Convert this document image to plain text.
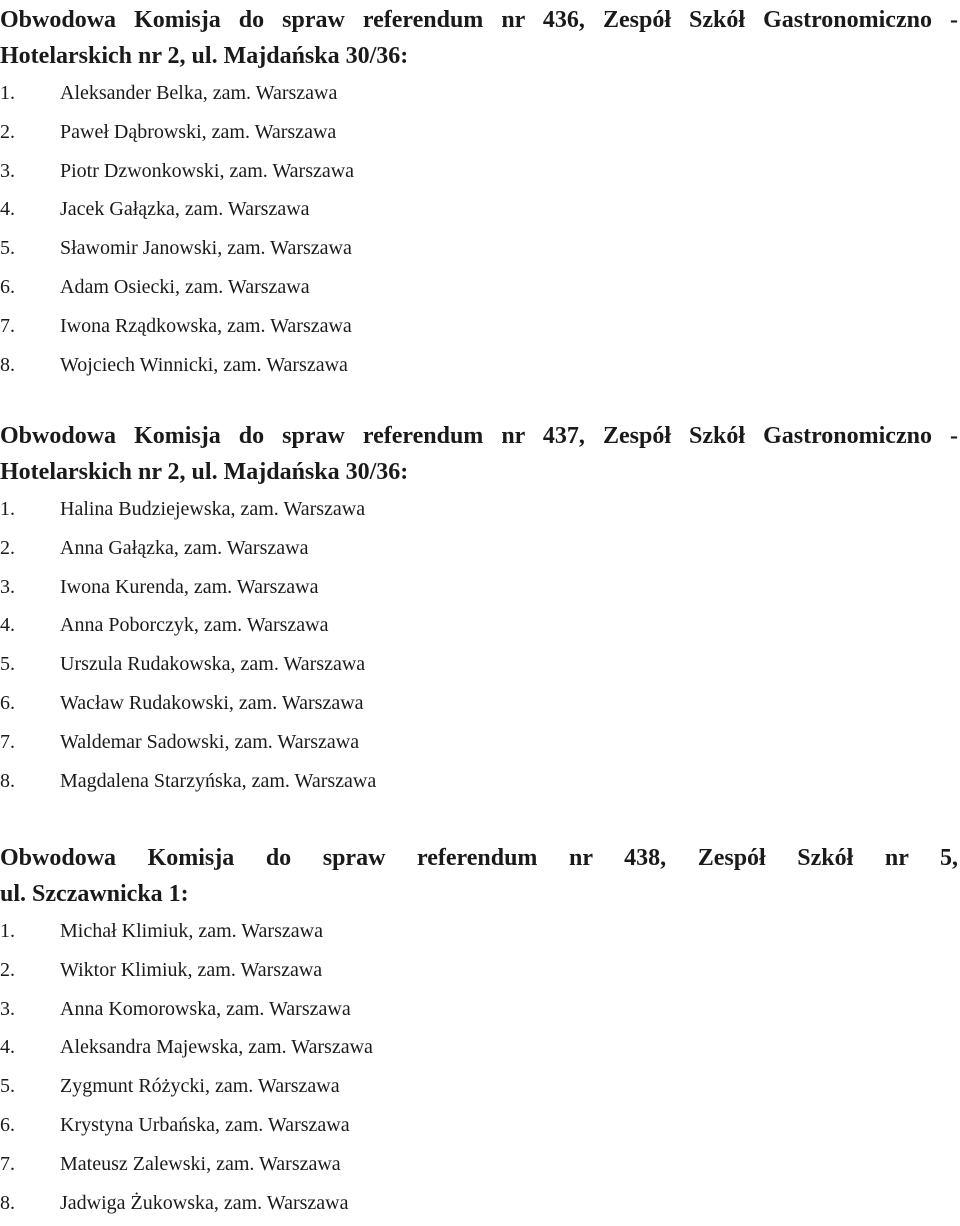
Obwodowa Komisja do spraw referendum nr 436, Zespół Szkół Gastronomiczno -
Hotelarskich nr 2, ul. Majdańska 30/36:
1. Aleksander Belka, zam. Warszawa
2. Paweł Dąbrowski, zam. Warszawa
3. Piotr Dzwonkowski, zam. Warszawa
4. Jacek Gałązka, zam. Warszawa
5. Sławomir Janowski, zam. Warszawa
6. Adam Osiecki, zam. Warszawa
7. Iwona Rządkowska, zam. Warszawa
8. Wojciech Winnicki, zam. Warszawa
Obwodowa Komisja do spraw referendum nr 437, Zespół Szkół Gastronomiczno -
Hotelarskich nr 2, ul. Majdańska 30/36:
1. Halina Budziejewska, zam. Warszawa
2. Anna Gałązka, zam. Warszawa
3. Iwona Kurenda, zam. Warszawa
4. Anna Poborczyk, zam. Warszawa
5. Urszula Rudakowska, zam. Warszawa
6. Wacław Rudakowski, zam. Warszawa
7. Waldemar Sadowski, zam. Warszawa
8. Magdalena Starzyńska, zam. Warszawa
Obwodowa Komisja do spraw referendum nr 438, Zespół Szkół nr 5,
ul. Szczawnicka 1:
1. Michał Klimiuk, zam. Warszawa
2. Wiktor Klimiuk, zam. Warszawa
3. Anna Komorowska, zam. Warszawa
4. Aleksandra Majewska, zam. Warszawa
5. Zygmunt Różycki, zam. Warszawa
6. Krystyna Urbańska, zam. Warszawa
7. Mateusz Zalewski, zam. Warszawa
8. Jadwiga Żukowska, zam. Warszawa
